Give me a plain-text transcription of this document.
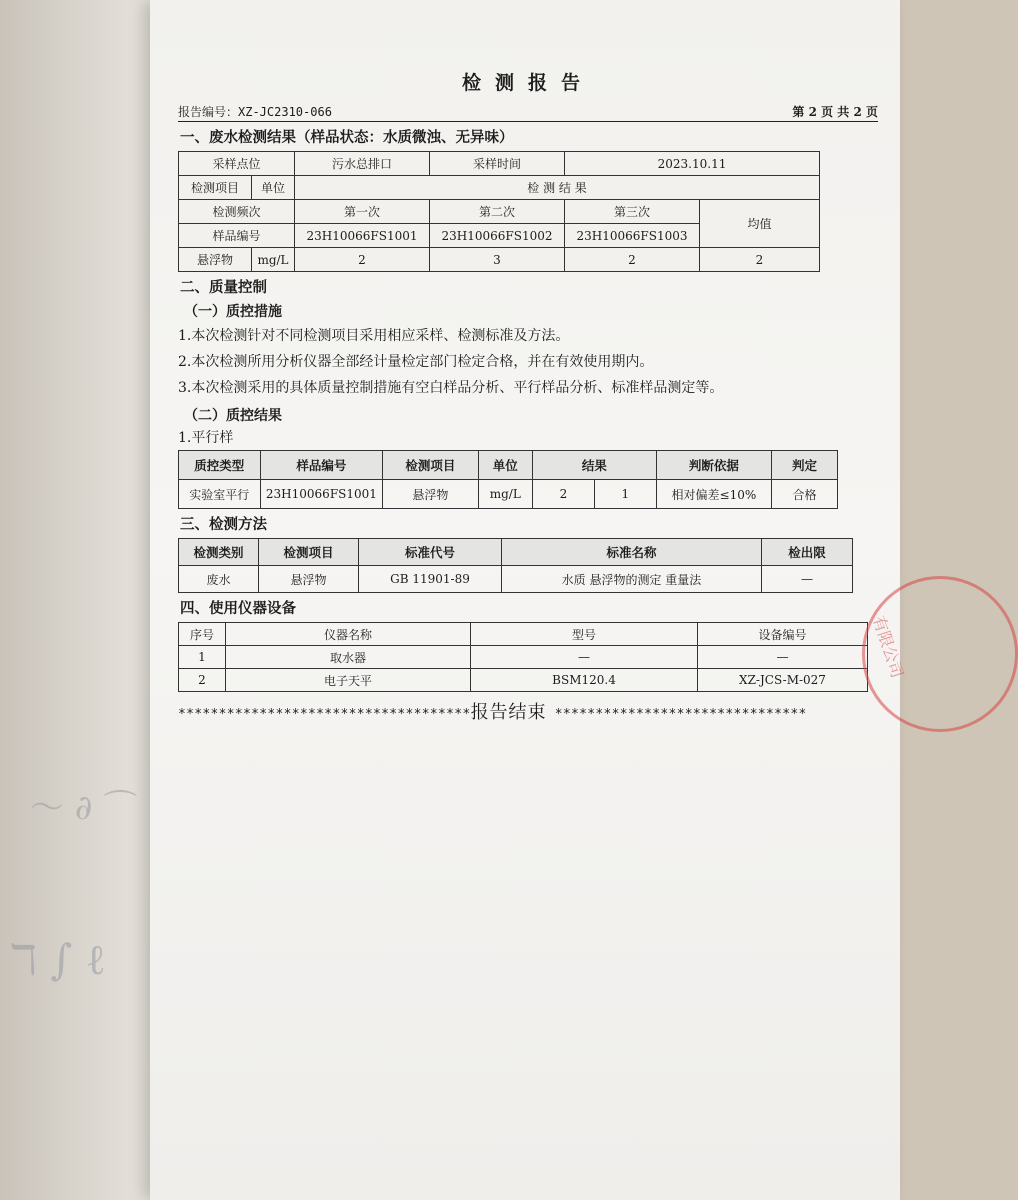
〜 ∂ ⌒
ℸ ∫ ℓ
检测报告
报告编号：XZ-JC2310-066	第 2 页 共 2 页
一、废水检测结果（样品状态：水质微浊、无异味）
采样点位		污水总排口	采样时间	2023.10.11	
检测项目	单位	检 测 结 果			
检测频次		第一次	第二次	第三次	均值
样品编号		23H10066FS1001	23H10066FS1002	23H10066FS1003	
悬浮物	mg/L	2	3	2	2
二、质量控制
（一）质控措施
1.本次检测针对不同检测项目采用相应采样、检测标准及方法。
2.本次检测所用分析仪器全部经计量检定部门检定合格，并在有效使用期内。
3.本次检测采用的具体质量控制措施有空白样品分析、平行样品分析、标准样品测定等。
（二）质控结果
1.平行样
质控类型	样品编号	检测项目	单位	结果		判断依据	判定
实验室平行	23H10066FS1001	悬浮物	mg/L	2	1	相对偏差≤10%	合格
三、检测方法
检测类别	检测项目	标准代号	标准名称	检出限
废水	悬浮物	GB 11901-89	水质 悬浮物的测定 重量法	—
四、使用仪器设备
序号	仪器名称	型号	设备编号
1	取水器	—	—
2	电子天平	BSM120.4	XZ-JCS-M-027
************************************报告结束 *******************************
有限公司
